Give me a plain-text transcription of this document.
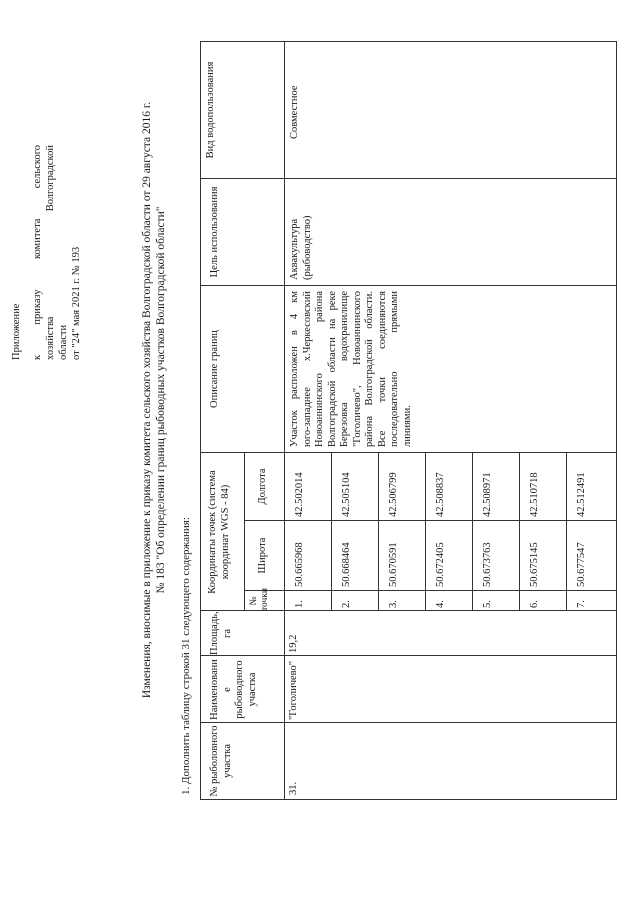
Приложение к приказу комитета сельского хозяйства Волгоградской области от "24" мая 2021 г. № 193	Изменения, вносимые в приложение к приказу комитета сельского хозяйства Волгоградской области от 29 августа 2016 г. № 183 "Об определении границ рыбоводных участков Волгоградской области"
1. Дополнить таблицу строкой 31 следующего содержания: № рыболовного участка
Наименовани е рыбоводного участка
Площадь, га
Координаты точек (система координат WGS - 84)
№ точки
Широта
Долгота
Описание границ
Цель использования
Вид водопользования
31.
"Гоголичево"
19,2
1.
50.665968
42.502014
2.
50.668464
42.505104
3.
50.670591
42.506799
4.
50.672405
42.508837
5.
50.673763
42.508971
6.
50.675145
42.510718
7.
50.677547
42.512491
Участок расположен в 4 км юго-западнее х.Черкесовский Новоаннинского района Волгоградской области на реке Березовка водохранилище "Гоголичево", Новоаннинского района Волгоградской области. Все точки соединяются последовательно прямыми линиями.
Аквакультура (рыбоводство)
Совместное
